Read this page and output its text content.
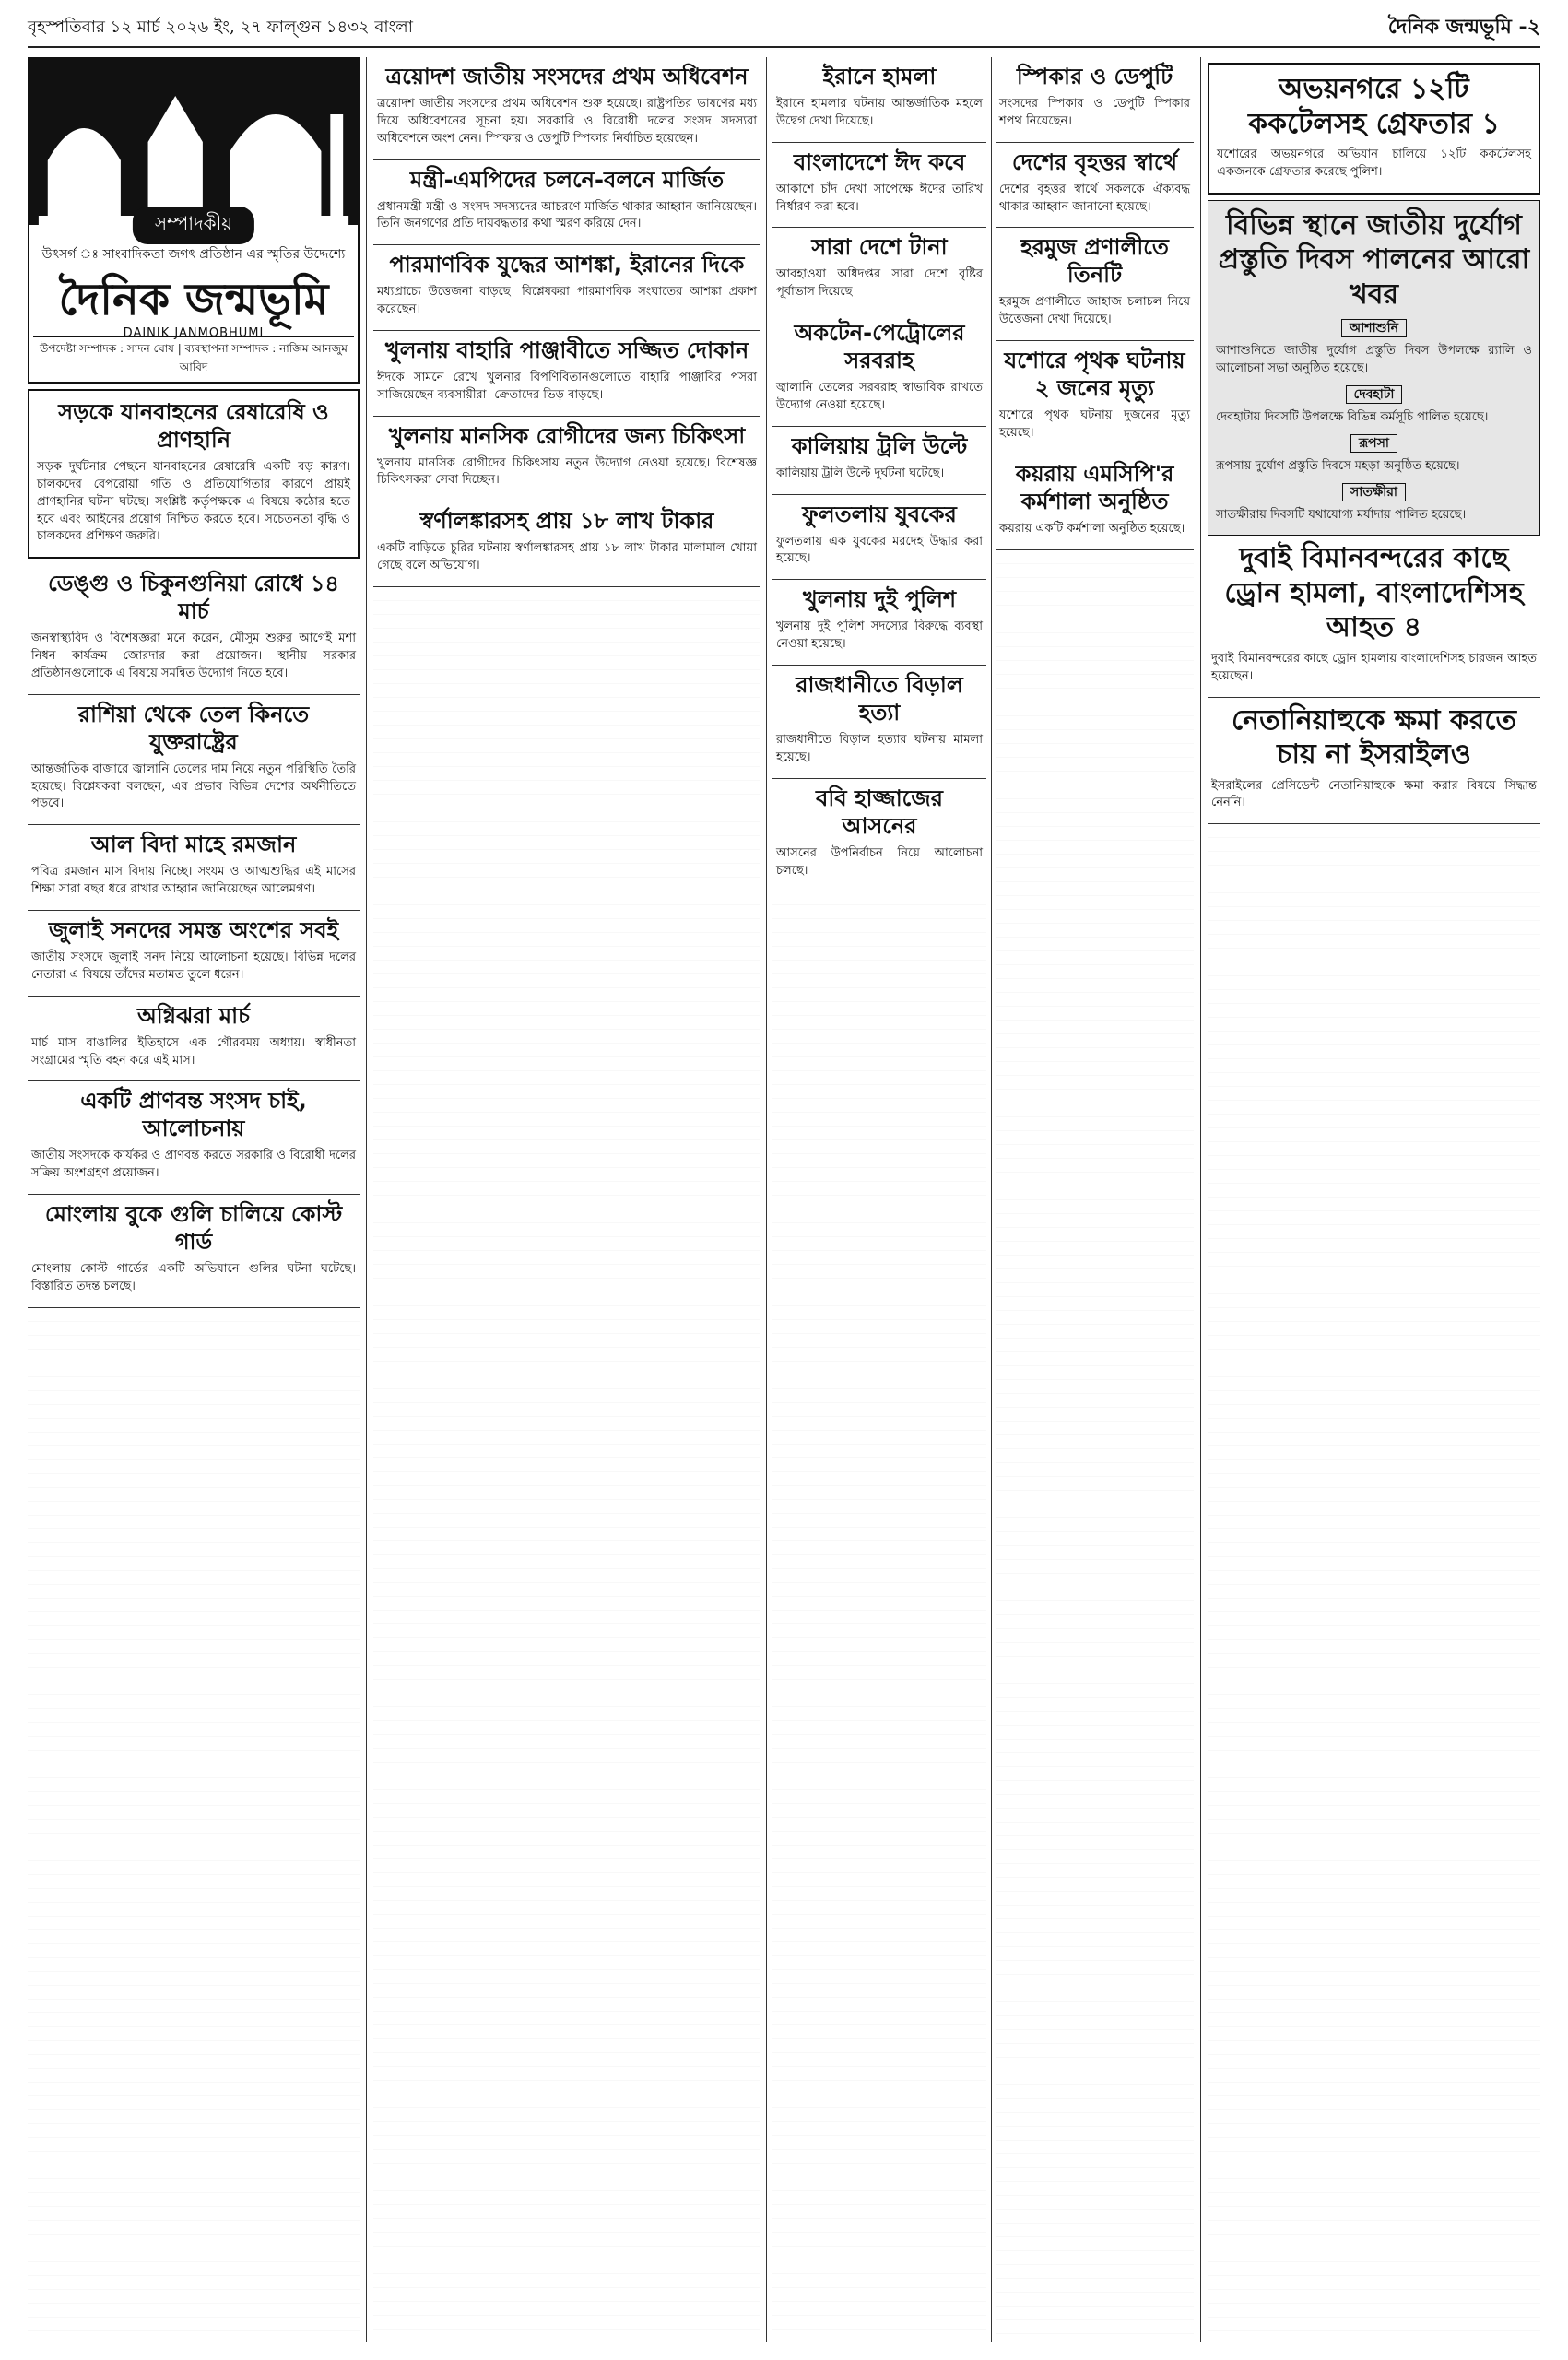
বৃহস্পতিবার ১২ মার্চ ২০২৬ ইং, ২৭ ফাল্গুন ১৪৩২ বাংলা	দৈনিক জন্মভূমি -২
সম্পাদকীয়
উৎসর্গ ঃ সাংবাদিকতা জগৎ প্রতিষ্ঠান এর স্মৃতির উদ্দেশ্যে
দৈনিক জন্মভূমি
DAINIK JANMOBHUMI
উপদেষ্টা সম্পাদক : সাদন ঘোষ | ব্যবস্থাপনা সম্পাদক : নাজিম আনজুম আবিদ
সড়কে যানবাহনের রেষারেষি ও প্রাণহানি

সড়ক দুর্ঘটনার পেছনে যানবাহনের রেষারেষি একটি বড় কারণ। চালকদের বেপরোয়া গতি ও প্রতিযোগিতার কারণে প্রায়ই প্রাণহানির ঘটনা ঘটছে। সংশ্লিষ্ট কর্তৃপক্ষকে এ বিষয়ে কঠোর হতে হবে এবং আইনের প্রয়োগ নিশ্চিত করতে হবে। সচেতনতা বৃদ্ধি ও চালকদের প্রশিক্ষণ জরুরি।

ডেঙ্গু ও চিকুনগুনিয়া রোধে ১৪ মার্চ

জনস্বাস্থ্যবিদ ও বিশেষজ্ঞরা মনে করেন, মৌসুম শুরুর আগেই মশা নিধন কার্যক্রম জোরদার করা প্রয়োজন। স্থানীয় সরকার প্রতিষ্ঠানগুলোকে এ বিষয়ে সমন্বিত উদ্যোগ নিতে হবে।

রাশিয়া থেকে তেল কিনতে যুক্তরাষ্ট্রের

আন্তর্জাতিক বাজারে জ্বালানি তেলের দাম নিয়ে নতুন পরিস্থিতি তৈরি হয়েছে। বিশ্লেষকরা বলছেন, এর প্রভাব বিভিন্ন দেশের অর্থনীতিতে পড়বে।

আল বিদা মাহে রমজান

পবিত্র রমজান মাস বিদায় নিচ্ছে। সংযম ও আত্মশুদ্ধির এই মাসের শিক্ষা সারা বছর ধরে রাখার আহ্বান জানিয়েছেন আলেমগণ।

জুলাই সনদের সমস্ত অংশের সবই

জাতীয় সংসদে জুলাই সনদ নিয়ে আলোচনা হয়েছে। বিভিন্ন দলের নেতারা এ বিষয়ে তাঁদের মতামত তুলে ধরেন।

অগ্নিঝরা মার্চ

মার্চ মাস বাঙালির ইতিহাসে এক গৌরবময় অধ্যায়। স্বাধীনতা সংগ্রামের স্মৃতি বহন করে এই মাস।

একটি প্রাণবন্ত সংসদ চাই, আলোচনায়

জাতীয় সংসদকে কার্যকর ও প্রাণবন্ত করতে সরকারি ও বিরোধী দলের সক্রিয় অংশগ্রহণ প্রয়োজন।

মোংলায় বুকে গুলি চালিয়ে কোস্ট গার্ড

মোংলায় কোস্ট গার্ডের একটি অভিযানে গুলির ঘটনা ঘটেছে। বিস্তারিত তদন্ত চলছে।

ত্রয়োদশ জাতীয় সংসদের প্রথম অধিবেশন

ত্রয়োদশ জাতীয় সংসদের প্রথম অধিবেশন শুরু হয়েছে। রাষ্ট্রপতির ভাষণের মধ্য দিয়ে অধিবেশনের সূচনা হয়। সরকারি ও বিরোধী দলের সংসদ সদস্যরা অধিবেশনে অংশ নেন। স্পিকার ও ডেপুটি স্পিকার নির্বাচিত হয়েছেন।

মন্ত্রী-এমপিদের চলনে-বলনে মার্জিত

প্রধানমন্ত্রী মন্ত্রী ও সংসদ সদস্যদের আচরণে মার্জিত থাকার আহ্বান জানিয়েছেন। তিনি জনগণের প্রতি দায়বদ্ধতার কথা স্মরণ করিয়ে দেন।

পারমাণবিক যুদ্ধের আশঙ্কা, ইরানের দিকে

মধ্যপ্রাচ্যে উত্তেজনা বাড়ছে। বিশ্লেষকরা পারমাণবিক সংঘাতের আশঙ্কা প্রকাশ করেছেন।

খুলনায় বাহারি পাঞ্জাবীতে সজ্জিত দোকান

ঈদকে সামনে রেখে খুলনার বিপণিবিতানগুলোতে বাহারি পাঞ্জাবির পসরা সাজিয়েছেন ব্যবসায়ীরা। ক্রেতাদের ভিড় বাড়ছে।

খুলনায় মানসিক রোগীদের জন্য চিকিৎসা

খুলনায় মানসিক রোগীদের চিকিৎসায় নতুন উদ্যোগ নেওয়া হয়েছে। বিশেষজ্ঞ চিকিৎসকরা সেবা দিচ্ছেন।

স্বর্ণালঙ্কারসহ প্রায় ১৮ লাখ টাকার

একটি বাড়িতে চুরির ঘটনায় স্বর্ণালঙ্কারসহ প্রায় ১৮ লাখ টাকার মালামাল খোয়া গেছে বলে অভিযোগ।

ইরানে হামলা

ইরানে হামলার ঘটনায় আন্তর্জাতিক মহলে উদ্বেগ দেখা দিয়েছে।

বাংলাদেশে ঈদ কবে

আকাশে চাঁদ দেখা সাপেক্ষে ঈদের তারিখ নির্ধারণ করা হবে।

সারা দেশে টানা

আবহাওয়া অধিদপ্তর সারা দেশে বৃষ্টির পূর্বাভাস দিয়েছে।

অকটেন-পেট্রোলের সরবরাহ

জ্বালানি তেলের সরবরাহ স্বাভাবিক রাখতে উদ্যোগ নেওয়া হয়েছে।

কালিয়ায় ট্রলি উল্টে

কালিয়ায় ট্রলি উল্টে দুর্ঘটনা ঘটেছে।

ফুলতলায় যুবকের

ফুলতলায় এক যুবকের মরদেহ উদ্ধার করা হয়েছে।

খুলনায় দুই পুলিশ

খুলনায় দুই পুলিশ সদস্যের বিরুদ্ধে ব্যবস্থা নেওয়া হয়েছে।

রাজধানীতে বিড়াল হত্যা

রাজধানীতে বিড়াল হত্যার ঘটনায় মামলা হয়েছে।

ববি হাজ্জাজের আসনের

আসনের উপনির্বাচন নিয়ে আলোচনা চলছে।

স্পিকার ও ডেপুটি

সংসদের স্পিকার ও ডেপুটি স্পিকার শপথ নিয়েছেন।

দেশের বৃহত্তর স্বার্থে

দেশের বৃহত্তর স্বার্থে সকলকে ঐক্যবদ্ধ থাকার আহ্বান জানানো হয়েছে।

হরমুজ প্রণালীতে তিনটি

হরমুজ প্রণালীতে জাহাজ চলাচল নিয়ে উত্তেজনা দেখা দিয়েছে।

যশোরে পৃথক ঘটনায় ২ জনের মৃত্যু

যশোরে পৃথক ঘটনায় দুজনের মৃত্যু হয়েছে।

কয়রায় এমসিপি'র কর্মশালা অনুষ্ঠিত

কয়রায় একটি কর্মশালা অনুষ্ঠিত হয়েছে।

অভয়নগরে ১২টি ককটেলসহ গ্রেফতার ১

যশোরের অভয়নগরে অভিযান চালিয়ে ১২টি ককটেলসহ একজনকে গ্রেফতার করেছে পুলিশ।

বিভিন্ন স্থানে জাতীয় দুর্যোগ প্রস্তুতি দিবস পালনের আরো খবর
আশাশুনি

আশাশুনিতে জাতীয় দুর্যোগ প্রস্তুতি দিবস উপলক্ষে র‍্যালি ও আলোচনা সভা অনুষ্ঠিত হয়েছে।

দেবহাটা

দেবহাটায় দিবসটি উপলক্ষে বিভিন্ন কর্মসূচি পালিত হয়েছে।

রূপসা

রূপসায় দুর্যোগ প্রস্তুতি দিবসে মহড়া অনুষ্ঠিত হয়েছে।

সাতক্ষীরা

সাতক্ষীরায় দিবসটি যথাযোগ্য মর্যাদায় পালিত হয়েছে।

দুবাই বিমানবন্দরের কাছে ড্রোন হামলা, বাংলাদেশিসহ আহত ৪

দুবাই বিমানবন্দরের কাছে ড্রোন হামলায় বাংলাদেশিসহ চারজন আহত হয়েছেন।

নেতানিয়াহুকে ক্ষমা করতে চায় না ইসরাইলও

ইসরাইলের প্রেসিডেন্ট নেতানিয়াহুকে ক্ষমা করার বিষয়ে সিদ্ধান্ত নেননি।
